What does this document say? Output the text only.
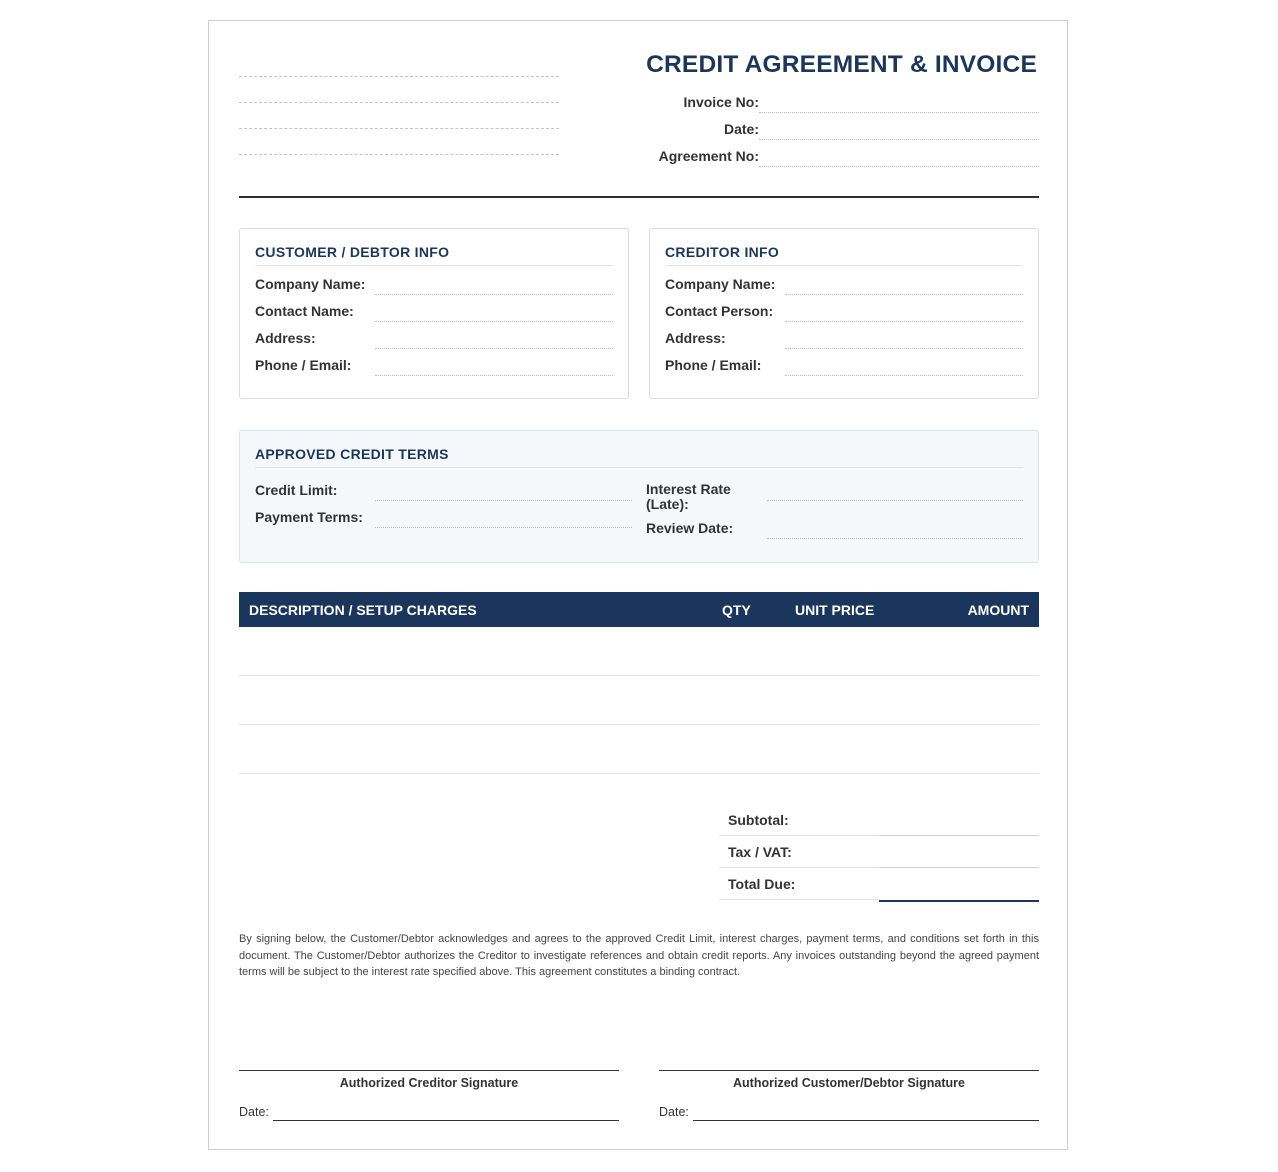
CREDIT AGREEMENT & INVOICE
Invoice No:
Date:
Agreement No:
CUSTOMER / DEBTOR INFO
Company Name:
Contact Name:
Address:
Phone / Email:
CREDITOR INFO
Company Name:
Contact Person:
Address:
Phone / Email:
APPROVED CREDIT TERMS
Credit Limit:
Payment Terms:
Interest Rate
(Late):
Review Date:
DESCRIPTION / SETUP CHARGES	QTY	UNIT PRICE	AMOUNT
Subtotal:
Tax / VAT:
Total Due:
By signing below, the Customer/Debtor acknowledges and agrees to the approved Credit Limit, interest charges, payment terms, and conditions set forth in this document. The Customer/Debtor authorizes the Creditor to investigate references and obtain credit reports. Any invoices outstanding beyond the agreed payment terms will be subject to the interest rate specified above. This agreement constitutes a binding contract.
Authorized Creditor Signature
Date:
Authorized Customer/Debtor Signature
Date:
